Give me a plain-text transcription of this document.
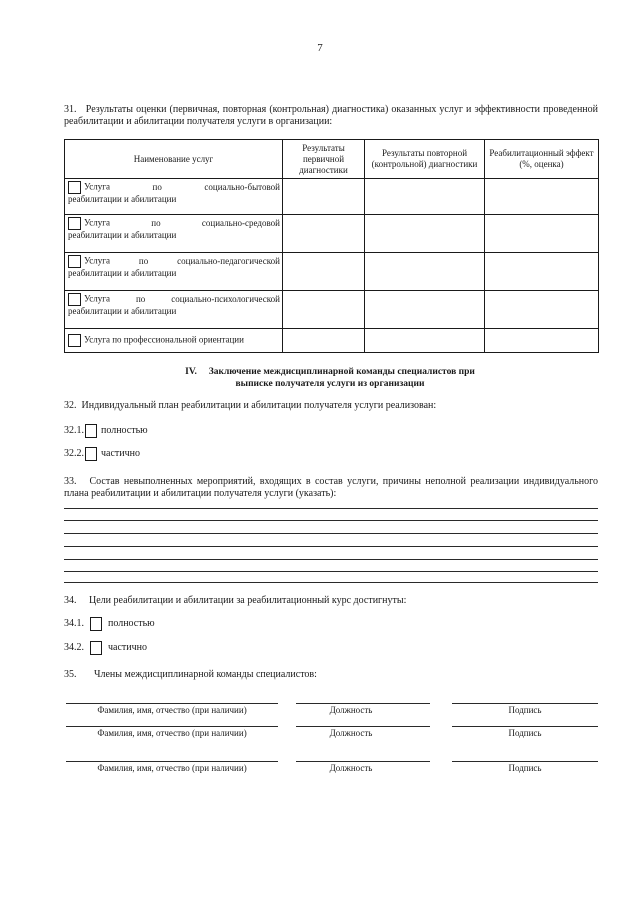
7
31. Результаты оценки (первичная, повторная (контрольная) диагностика) оказанных услуг и эффективности проведенной реабилитации и абилитации получателя услуги в организации:
Наименование услуг	Результаты первичной диагностики	Результаты повторной (контрольной) диагностики	Реабилитационный эффект (%, оценка)

Услуга по социально-бытовой
реабилитации и абилитации			

Услуга по социально-средовой
реабилитации и абилитации			

Услуга по социально-педагогической
реабилитации и абилитации			

Услуга по социально-психологической
реабилитации и абилитации			

Услуга по профессиональной ориентации			
IV. Заключение междисциплинарной команды специалистов при
выписке получателя услуги из организации
32. Индивидуальный план реабилитации и абилитации получателя услуги реализован:
32.1. полностью
32.2. частично
33. Состав невыполненных мероприятий, входящих в состав услуги, причины неполной реализации индивидуального плана реабилитации и абилитации получателя услуги (указать):
34. Цели реабилитации и абилитации за реабилитационный курс достигнуты:
34.1. полностью
34.2. частично
35. Члены междисциплинарной команды специалистов:
Фамилия, имя, отчество (при наличии)	Должность	Подпись
Фамилия, имя, отчество (при наличии)	Должность	Подпись
Фамилия, имя, отчество (при наличии)	Должность	Подпись
